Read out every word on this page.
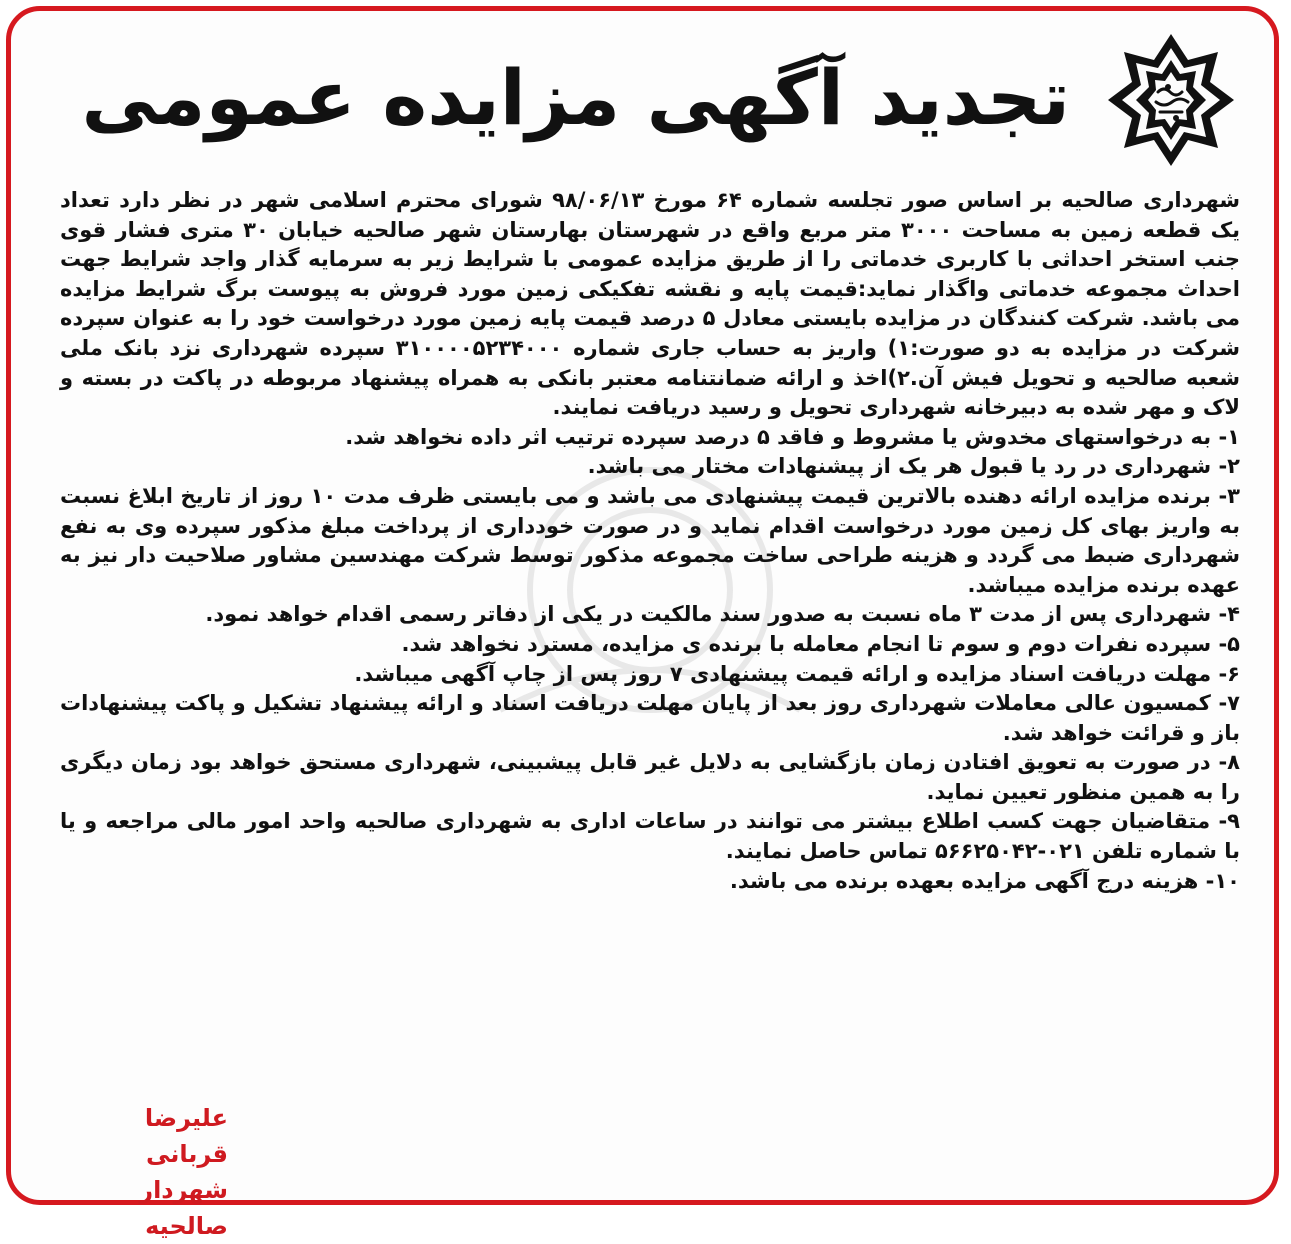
تجدید آگهی مزایده عمومی

شهرداری صالحیه بر اساس صور تجلسه شماره ۶۴ مورخ ۹۸/۰۶/۱۳ شورای محترم اسلامی شهر در نظر دارد تعداد یک قطعه زمین به مساحت ۳۰۰۰ متر مربع واقع در شهرستان بهارستان شهر صالحیه خیابان ۳۰ متری فشار قوی جنب استخر احداثی با کاربری خدماتی را از طریق مزایده عمومی با شرایط زیر به سرمایه گذار واجد شرایط جهت احداث مجموعه خدماتی واگذار نماید:قیمت پایه و نقشه تفکیکی زمین مورد فروش به پیوست برگ شرایط مزایده می باشد. شرکت کنندگان در مزایده بایستی معادل ۵ درصد قیمت پایه زمین مورد درخواست خود را به عنوان سپرده شرکت در مزایده به دو صورت:۱) واریز به حساب جاری شماره ۳۱۰۰۰۰۵۲۳۴۰۰۰ سپرده شهرداری نزد بانک ملی شعبه صالحیه و تحویل فیش آن.۲)اخذ و ارائه ضمانتنامه معتبر بانکی به همراه پیشنهاد مربوطه در پاکت در بسته و لاک و مهر شده به دبیرخانه شهرداری تحویل و رسید دریافت نمایند.

۱- به درخواستهای مخدوش یا مشروط و فاقد ۵ درصد سپرده ترتیب اثر داده نخواهد شد.
۲- شهرداری در رد یا قبول هر یک از پیشنهادات مختار می باشد.
۳- برنده مزایده ارائه دهنده بالاترین قیمت پیشنهادی می باشد و می بایستی ظرف مدت ۱۰ روز از تاریخ ابلاغ نسبت به واریز بهای کل زمین مورد درخواست اقدام نماید و در صورت خودداری از پرداخت مبلغ مذکور سپرده وی به نفع شهرداری ضبط می گردد و هزینه طراحی ساخت مجموعه مذکور توسط شرکت مهندسین مشاور صلاحیت دار نیز به عهده برنده مزایده میباشد.
۴- شهرداری پس از مدت ۳ ماه نسبت به صدور سند مالکیت در یکی از دفاتر رسمی اقدام خواهد نمود.
۵- سپرده نفرات دوم و سوم تا انجام معامله با برنده ی مزایده، مسترد نخواهد شد.
۶- مهلت دریافت اسناد مزایده و ارائه قیمت پیشنهادی ۷ روز پس از چاپ آگهی میباشد.
۷- کمسیون عالی معاملات شهرداری روز بعد از پایان مهلت دریافت اسناد و ارائه پیشنهاد تشکیل و پاکت پیشنهادات باز و قرائت خواهد شد.
۸- در صورت به تعویق افتادن زمان بازگشایی به دلایل غیر قابل پیشبینی، شهرداری مستحق خواهد بود زمان دیگری را به همین منظور تعیین نماید.
۹- متقاضیان جهت کسب اطلاع بیشتر می توانند در ساعات اداری به شهرداری صالحیه واحد امور مالی مراجعه و یا با شماره تلفن ۰۲۱-۵۶۶۲۵۰۴۲ تماس حاصل نمایند.
۱۰- هزینه درج آگهی مزایده بعهده برنده می باشد.
علیرضا قربانی
شهردار صالحیه
